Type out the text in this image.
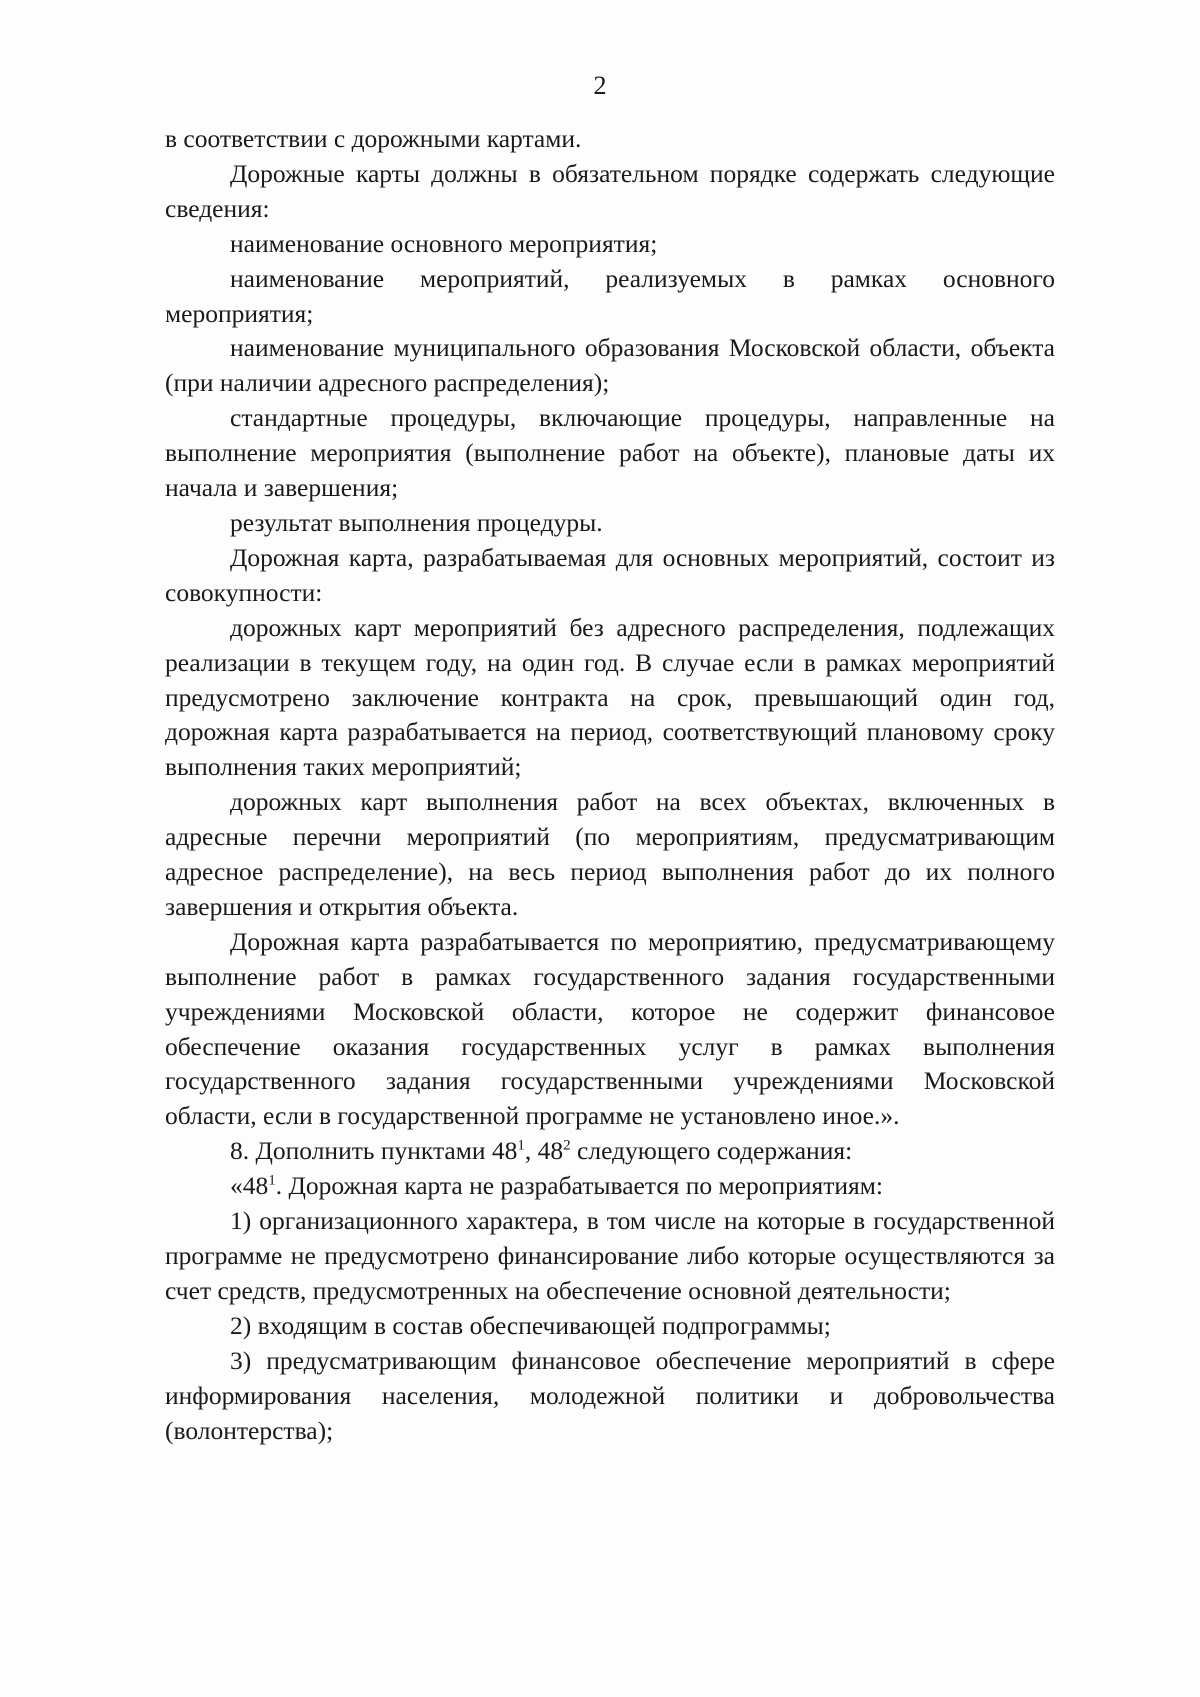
2

в соответствии с дорожными картами.

Дорожные карты должны в обязательном порядке содержать следующие сведения:

наименование основного мероприятия;

наименование мероприятий, реализуемых в рамках основного мероприятия;

наименование муниципального образования Московской области, объекта (при наличии адресного распределения);

стандартные процедуры, включающие процедуры, направленные на выполнение мероприятия (выполнение работ на объекте), плановые даты их начала и завершения;

результат выполнения процедуры.

Дорожная карта, разрабатываемая для основных мероприятий, состоит из совокупности:

дорожных карт мероприятий без адресного распределения, подлежащих реализации в текущем году, на один год. В случае если в рамках мероприятий предусмотрено заключение контракта на срок, превышающий один год, дорожная карта разрабатывается на период, соответствующий плановому сроку выполнения таких мероприятий;

дорожных карт выполнения работ на всех объектах, включенных в адресные перечни мероприятий (по мероприятиям, предусматривающим адресное распределение), на весь период выполнения работ до их полного завершения и открытия объекта.

Дорожная карта разрабатывается по мероприятию, предусматривающему выполнение работ в рамках государственного задания государственными учреждениями Московской области, которое не содержит финансовое обеспечение оказания государственных услуг в рамках выполнения государственного задания государственными учреждениями Московской области, если в государственной программе не установлено иное.».

8. Дополнить пунктами $48^1$, $48^2$ следующего содержания:

«$48^1$. Дорожная карта не разрабатывается по мероприятиям:

1) организационного характера, в том числе на которые в государственной программе не предусмотрено финансирование либо которые осуществляются за счет средств, предусмотренных на обеспечение основной деятельности;

2) входящим в состав обеспечивающей подпрограммы;

3) предусматривающим финансовое обеспечение мероприятий в сфере информирования населения, молодежной политики и добровольчества (волонтерства);
